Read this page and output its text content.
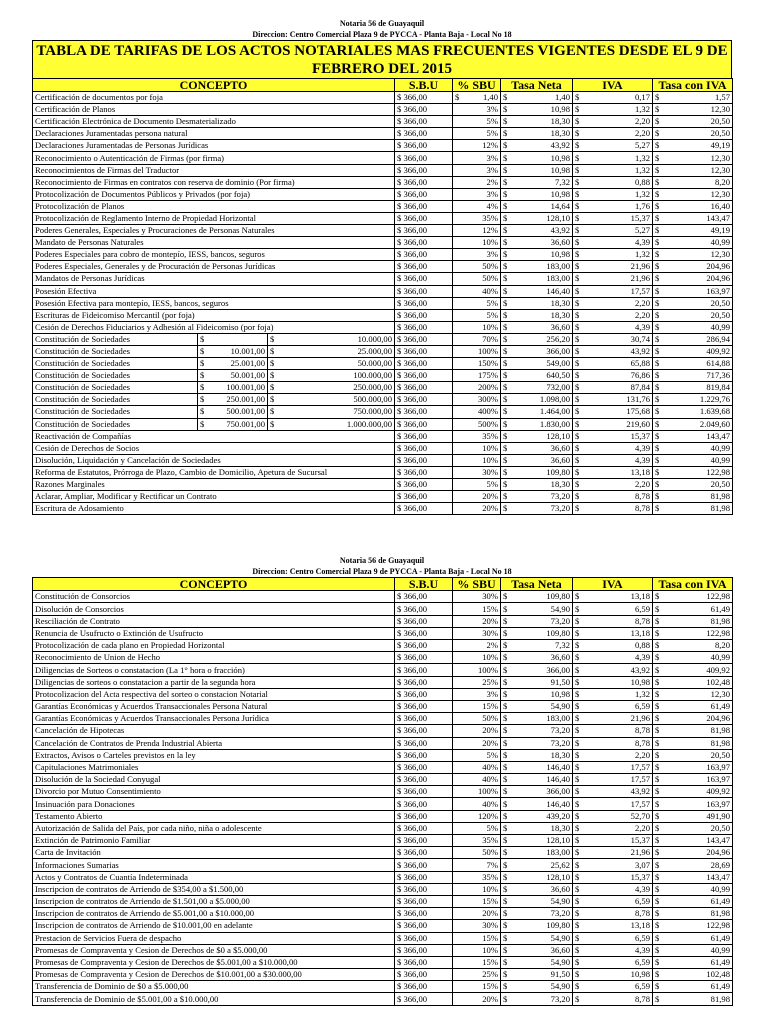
Notaria 56 de Guayaquil
Direccion: Centro Comercial Plaza 9 de PYCCA - Planta Baja - Local No 18
TABLA DE TARIFAS DE LOS ACTOS NOTARIALES MAS FRECUENTES VIGENTES DESDE EL 9 DE FEBRERO DEL 2015
CONCEPTO			S.B.U	% SBU	Tasa Neta	IVA	Tasa con IVA
Certificación de documentos por foja			$ 366,00	$ 1,40	$ 1,40	$ 0,17	$ 1,57

Certificación de Planos			$ 366,00	3%	$ 10,98	$ 1,32	$ 12,30

Certificación Electrónica de Documento Desmaterializado			$ 366,00	5%	$ 18,30	$ 2,20	$ 20,50

Declaraciones Juramentadas persona natural			$ 366,00	5%	$ 18,30	$ 2,20	$ 20,50

Declaraciones Juramentadas de Personas Jurídicas			$ 366,00	12%	$ 43,92	$ 5,27	$ 49,19

Reconocimiento o Autenticación de Firmas (por firma)			$ 366,00	3%	$ 10,98	$ 1,32	$ 12,30

Reconocimientos de Firmas del Traductor			$ 366,00	3%	$ 10,98	$ 1,32	$ 12,30

Reconocimiento de Firmas en contratos con reserva de dominio (Por firma)			$ 366,00	2%	$ 7,32	$ 0,88	$ 8,20

Protocolización de Documentos Públicos y Privados (por foja)			$ 366,00	3%	$ 10,98	$ 1,32	$ 12,30

Protocolización de Planos			$ 366,00	4%	$ 14,64	$ 1,76	$ 16,40

Protocolización de Reglamento Interno de Propiedad Horizontal			$ 366,00	35%	$ 128,10	$ 15,37	$ 143,47

Poderes Generales, Especiales y Procuraciones de Personas Naturales			$ 366,00	12%	$ 43,92	$ 5,27	$ 49,19

Mandato de Personas Naturales			$ 366,00	10%	$ 36,60	$ 4,39	$ 40,99

Poderes Especiales para cobro de montepío, IESS, bancos, seguros			$ 366,00	3%	$ 10,98	$ 1,32	$ 12,30

Poderes Especiales, Generales y de Procuración de Personas Jurídicas			$ 366,00	50%	$ 183,00	$ 21,96	$ 204,96

Mandatos de Personas Jurídicas			$ 366,00	50%	$ 183,00	$ 21,96	$ 204,96

Posesión Efectiva			$ 366,00	40%	$ 146,40	$ 17,57	$ 163,97

Posesión Efectiva para montepío, IESS, bancos, seguros			$ 366,00	5%	$ 18,30	$ 2,20	$ 20,50

Escrituras de Fideicomiso Mercantil (por foja)			$ 366,00	5%	$ 18,30	$ 2,20	$ 20,50

Cesión de Derechos Fiduciarios y Adhesión al Fideicomiso (por foja)			$ 366,00	10%	$ 36,60	$ 4,39	$ 40,99

Constitución de Sociedades	$	$ 10.000,00	$ 366,00	70%	$ 256,20	$ 30,74	$ 286,94

Constitución de Sociedades	$ 10.001,00	$ 25.000,00	$ 366,00	100%	$ 366,00	$ 43,92	$ 409,92

Constitución de Sociedades	$ 25.001,00	$ 50.000,00	$ 366,00	150%	$ 549,00	$ 65,88	$ 614,88

Constitución de Sociedades	$ 50.001,00	$ 100.000,00	$ 366,00	175%	$ 640,50	$ 76,86	$ 717,36

Constitución de Sociedades	$ 100.001,00	$ 250.000,00	$ 366,00	200%	$ 732,00	$ 87,84	$ 819,84

Constitución de Sociedades	$ 250.001,00	$ 500.000,00	$ 366,00	300%	$ 1.098,00	$ 131,76	$ 1.229,76

Constitución de Sociedades	$ 500.001,00	$ 750.000,00	$ 366,00	400%	$ 1.464,00	$ 175,68	$ 1.639,68

Constitución de Sociedades	$ 750.001,00	$ 1.000.000,00	$ 366,00	500%	$ 1.830,00	$ 219,60	$ 2.049,60

Reactivación de Compañías			$ 366,00	35%	$ 128,10	$ 15,37	$ 143,47

Cesión de Derechos de Socios			$ 366,00	10%	$ 36,60	$ 4,39	$ 40,99

Disolución, Liquidación y Cancelación de Sociedades			$ 366,00	10%	$ 36,60	$ 4,39	$ 40,99

Reforma de Estatutos, Prórroga de Plazo, Cambio de Domicilio, Apetura de Sucursal			$ 366,00	30%	$ 109,80	$ 13,18	$ 122,98

Razones Marginales			$ 366,00	5%	$ 18,30	$ 2,20	$ 20,50

Aclarar, Ampliar, Modificar y Rectificar un Contrato			$ 366,00	20%	$ 73,20	$ 8,78	$ 81,98

Escritura de Adosamiento			$ 366,00	20%	$ 73,20	$ 8,78	$ 81,98
Notaria 56 de Guayaquil
Direccion: Centro Comercial Plaza 9 de PYCCA - Planta Baja - Local No 18
CONCEPTO	S.B.U	% SBU	Tasa Neta	IVA	Tasa con IVA
Constitución de Consorcios	$ 366,00	30%	$ 109,80	$ 13,18	$ 122,98

Disolución de Consorcios	$ 366,00	15%	$ 54,90	$ 6,59	$ 61,49

Resciliación de Contrato	$ 366,00	20%	$ 73,20	$ 8,78	$ 81,98

Renuncia de Usufructo o Extinción de Usufructo	$ 366,00	30%	$ 109,80	$ 13,18	$ 122,98

Protocolización de cada plano en Propiedad Horizontal	$ 366,00	2%	$ 7,32	$ 0,88	$ 8,20

Reconocimiento de Union de Hecho	$ 366,00	10%	$ 36,60	$ 4,39	$ 40,99

Diligencias de Sorteos o constatacion (La 1° hora o fracción)	$ 366,00	100%	$ 366,00	$ 43,92	$ 409,92

Diligencias de sorteos o constatacion a partir de la segunda hora	$ 366,00	25%	$ 91,50	$ 10,98	$ 102,48

Protocolizacion del Acta respectiva del sorteo o constacion Notarial	$ 366,00	3%	$ 10,98	$ 1,32	$ 12,30

Garantías Económicas y Acuerdos Transaccionales Persona Natural	$ 366,00	15%	$ 54,90	$ 6,59	$ 61,49

Garantías Económicas y Acuerdos Transaccionales Persona Jurídica	$ 366,00	50%	$ 183,00	$ 21,96	$ 204,96

Cancelación de Hipotecas	$ 366,00	20%	$ 73,20	$ 8,78	$ 81,98

Cancelación de Contratos de Prenda Industrial Abierta	$ 366,00	20%	$ 73,20	$ 8,78	$ 81,98

Extractos, Avisos o Carteles previstos en la ley	$ 366,00	5%	$ 18,30	$ 2,20	$ 20,50

Capitulaciones Matrimoniales	$ 366,00	40%	$ 146,40	$ 17,57	$ 163,97

Disolución de la Sociedad Conyugal	$ 366,00	40%	$ 146,40	$ 17,57	$ 163,97

Divorcio por Mutuo Consentimiento	$ 366,00	100%	$ 366,00	$ 43,92	$ 409,92

Insinuación para Donaciones	$ 366,00	40%	$ 146,40	$ 17,57	$ 163,97

Testamento Abierto	$ 366,00	120%	$ 439,20	$ 52,70	$ 491,90

Autorización de Salida del País, por cada niño, niña o adolescente	$ 366,00	5%	$ 18,30	$ 2,20	$ 20,50

Extinción de Patrimonio Familiar	$ 366,00	35%	$ 128,10	$ 15,37	$ 143,47

Carta de Invitación	$ 366,00	50%	$ 183,00	$ 21,96	$ 204,96

Informaciones Sumarias	$ 366,00	7%	$ 25,62	$ 3,07	$ 28,69

Actos y Contratos de Cuantía Indeterminada	$ 366,00	35%	$ 128,10	$ 15,37	$ 143,47

Inscripcion de contratos de Arriendo de $354,00 a $1.500,00	$ 366,00	10%	$ 36,60	$ 4,39	$ 40,99

Inscripcion de contratos de Arriendo de $1.501,00 a $5.000,00	$ 366,00	15%	$ 54,90	$ 6,59	$ 61,49

Inscripcion de contratos de Arriendo de $5.001,00 a $10.000,00	$ 366,00	20%	$ 73,20	$ 8,78	$ 81,98

Inscripcion de contratos de Arriendo de $10.001,00 en adelante	$ 366,00	30%	$ 109,80	$ 13,18	$ 122,98

Prestacion de Servicios Fuera de despacho	$ 366,00	15%	$ 54,90	$ 6,59	$ 61,49

Promesas de Compraventa y Cesion de Derechos de $0 a $5.000,00	$ 366,00	10%	$ 36,60	$ 4,39	$ 40,99

Promesas de Compraventa y Cesion de Derechos de $5.001,00 a $10.000,00	$ 366,00	15%	$ 54,90	$ 6,59	$ 61,49

Promesas de Compraventa y Cesion de Derechos de $10.001,00 a $30.000,00	$ 366,00	25%	$ 91,50	$ 10,98	$ 102,48

Transferencia de Dominio de $0 a $5.000,00	$ 366,00	15%	$ 54,90	$ 6,59	$ 61,49

Transferencia de Dominio de $5.001,00 a $10.000,00	$ 366,00	20%	$ 73,20	$ 8,78	$ 81,98
